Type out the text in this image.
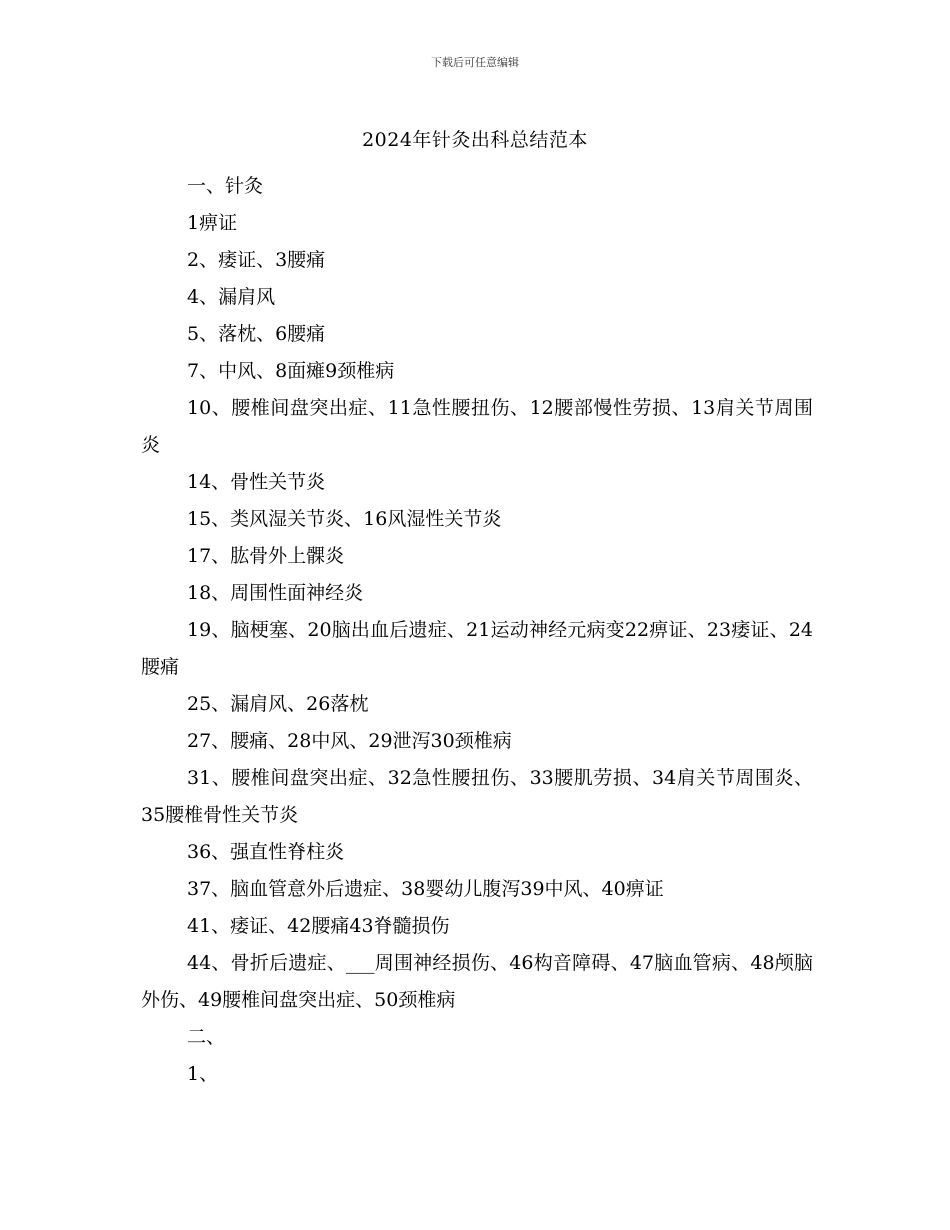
下载后可任意编辑
2024年针灸出科总结范本

一、针灸

1痹证

2、痿证、3腰痛

4、漏肩风

5、落枕、6腰痛

7、中风、8面瘫9颈椎病

10、腰椎间盘突出症、11急性腰扭伤、12腰部慢性劳损、13肩关节周围炎

14、骨性关节炎

15、类风湿关节炎、16风湿性关节炎

17、肱骨外上髁炎

18、周围性面神经炎

19、脑梗塞、20脑出血后遗症、21运动神经元病变22痹证、23痿证、24腰痛

25、漏肩风、26落枕

27、腰痛、28中风、29泄泻30颈椎病

31、腰椎间盘突出症、32急性腰扭伤、33腰肌劳损、34肩关节周围炎、35腰椎骨性关节炎

36、强直性脊柱炎

37、脑血管意外后遗症、38婴幼儿腹泻39中风、40痹证

41、痿证、42腰痛43脊髓损伤

44、骨折后遗症、___周围神经损伤、46构音障碍、47脑血管病、48颅脑外伤、49腰椎间盘突出症、50颈椎病

二、

1、
